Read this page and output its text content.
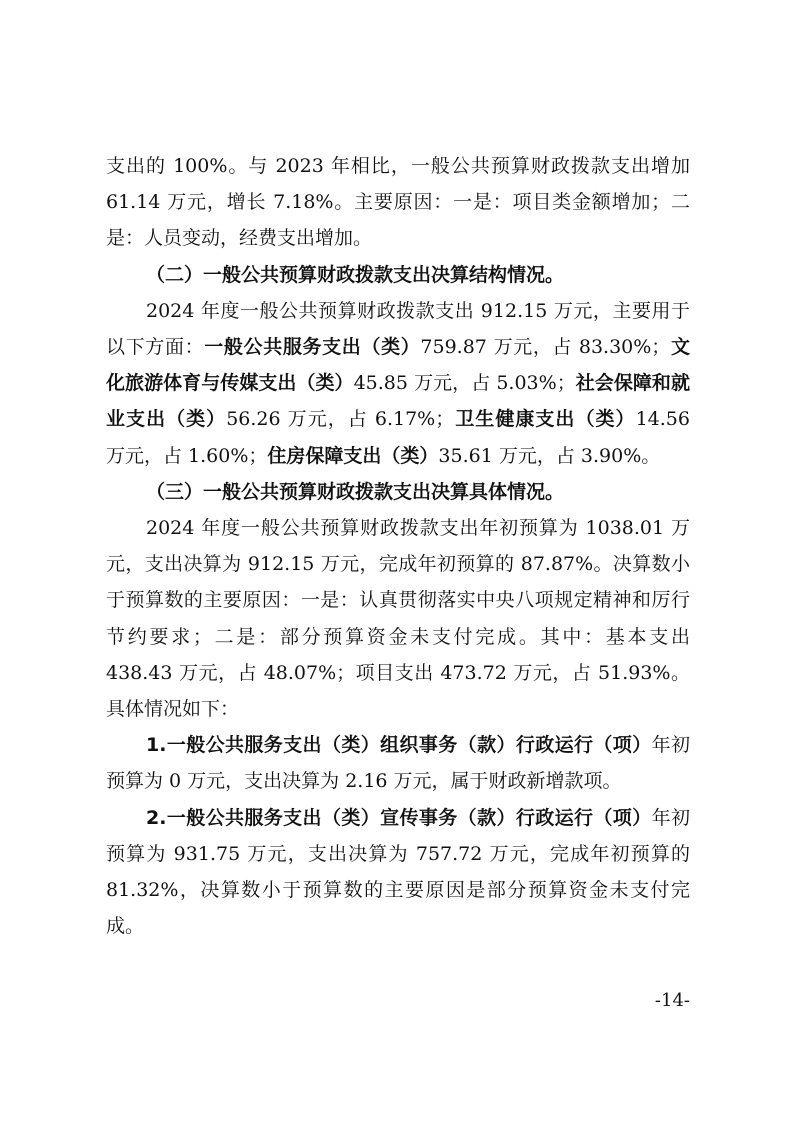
支出的 100%。与 2023 年相比，一般公共预算财政拨款支出增加 61.14 万元，增长 7.18%。主要原因：一是：项目类金额增加；二是：人员变动，经费支出增加。

（二）一般公共预算财政拨款支出决算结构情况。

2024 年度一般公共预算财政拨款支出 912.15 万元，主要用于以下方面：一般公共服务支出（类）759.87 万元，占 83.30%；文化旅游体育与传媒支出（类）45.85 万元，占 5.03%；社会保障和就业支出（类）56.26 万元，占 6.17%；卫生健康支出（类）14.56 万元，占 1.60%；住房保障支出（类）35.61 万元，占 3.90%。

（三）一般公共预算财政拨款支出决算具体情况。

2024 年度一般公共预算财政拨款支出年初预算为 1038.01 万元，支出决算为 912.15 万元，完成年初预算的 87.87%。决算数小于预算数的主要原因：一是：认真贯彻落实中央八项规定精神和厉行节约要求；二是：部分预算资金未支付完成。其中：基本支出 438.43 万元，占 48.07%；项目支出 473.72 万元，占 51.93%。具体情况如下：

1.一般公共服务支出（类）组织事务（款）行政运行（项）年初预算为 0 万元，支出决算为 2.16 万元，属于财政新增款项。

2.一般公共服务支出（类）宣传事务（款）行政运行（项）年初预算为 931.75 万元，支出决算为 757.72 万元，完成年初预算的 81.32%，决算数小于预算数的主要原因是部分预算资金未支付完成。

-14-
